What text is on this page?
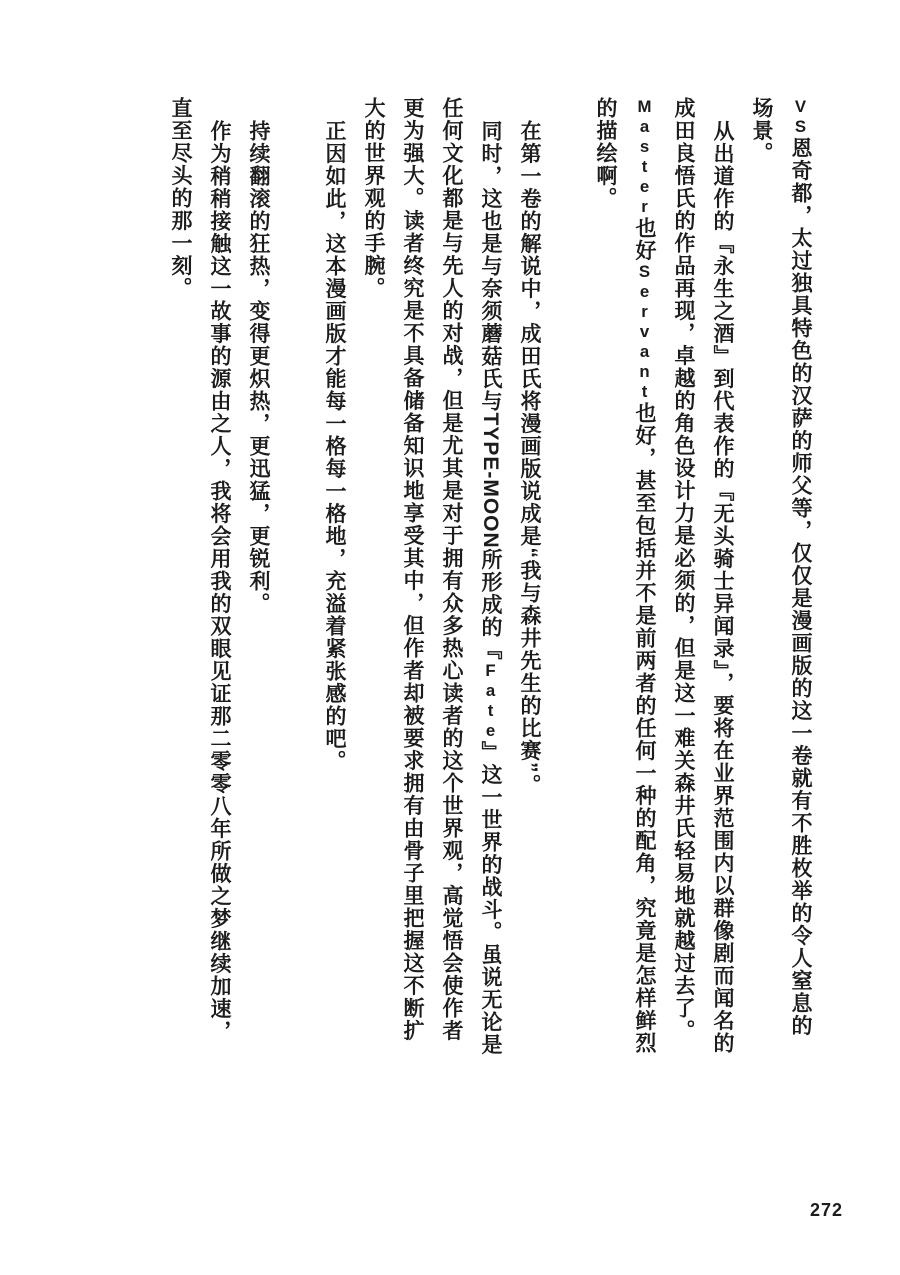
VS恩奇都，太过独具特色的汉萨的师父等，仅仅是漫画版的这一卷就有不胜枚举的令人窒息的场景。

从出道作的『永生之酒』到代表作的『无头骑士异闻录』，要将在业界范围内以群像剧而闻名的成田良悟氏的作品再现，卓越的角色设计力是必须的，但是这一难关森井氏轻易地就越过去了。Master也好Servant也好，甚至包括并不是前两者的任何一种的配角，究竟是怎样鲜烈的描绘啊。

在第一卷的解说中，成田氏将漫画版说成是“我与森井先生的比赛”。

同时，这也是与奈须蘑菇氏与TYPE-MOON所形成的『Fate』这一世界的战斗。虽说无论是任何文化都是与先人的对战，但是尤其是对于拥有众多热心读者的这个世界观，高觉悟会使作者更为强大。读者终究是不具备储备知识地享受其中，但作者却被要求拥有由骨子里把握这不断扩大的世界观的手腕。

正因如此，这本漫画版才能每一格每一格地，充溢着紧张感的吧。

持续翻滚的狂热，变得更炽热，更迅猛，更锐利。

作为稍稍接触这一故事的源由之人，我将会用我的双眼见证那二零零八年所做之梦继续加速，直至尽头的那一刻。

272
